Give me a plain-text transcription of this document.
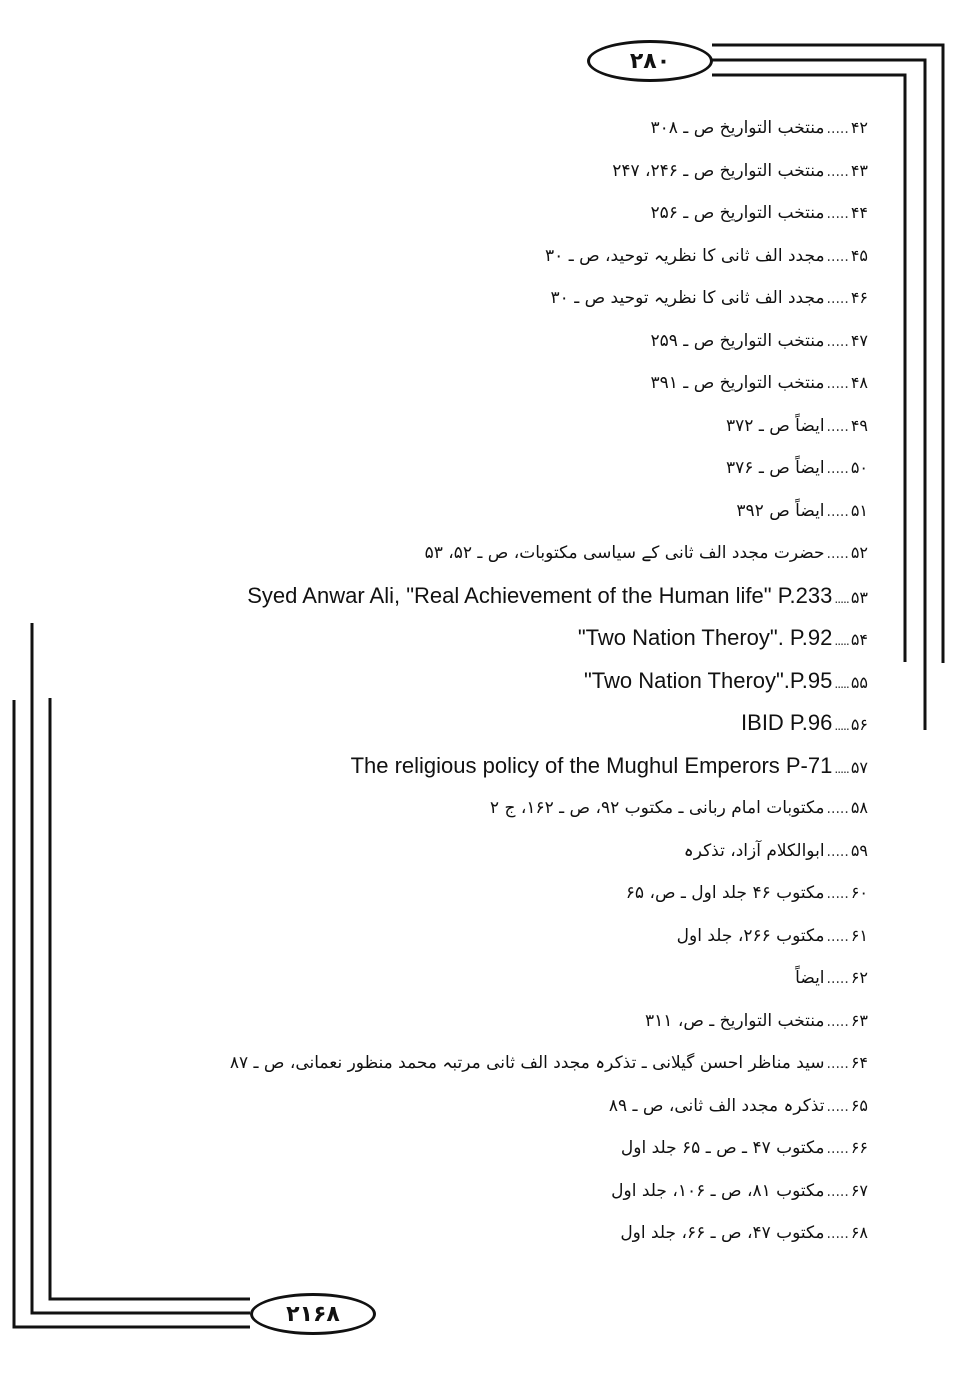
۲۸۰
۲۱۶۸
۴۲.....منتخب التواریخ ص ـ ۳۰۸
۴۳.....منتخب التواریخ ص ـ ۲۴۶، ۲۴۷
۴۴.....منتخب التواریخ ص ـ ۲۵۶
۴۵.....مجدد الف ثانی کا نظریہ توحید، ص ـ ۳۰
۴۶.....مجدد الف ثانی کا نظریہ توحید ص ـ ۳۰
۴۷.....منتخب التواریخ ص ـ ۲۵۹
۴۸.....منتخب التواریخ ص ـ ۳۹۱
۴۹.....ایضاً ص ـ ۳۷۲
۵۰.....ایضاً ص ـ ۳۷۶
۵۱.....ایضاً ص ۳۹۲
۵۲.....حضرت مجدد الف ثانی کے سیاسی مکتوبات، ص ـ ۵۲، ۵۳
Syed Anwar Ali, "Real Achievement of the Human life" P.233 ..... ۵۳
"Two Nation Theroy". P.92 ..... ۵۴
"Two Nation Theroy".P.95 ..... ۵۵
IBID P.96 ..... ۵۶
The religious policy of the Mughul Emperors P-71 ..... ۵۷
۵۸.....مکتوبات امام ربانی ـ مکتوب ۹۲، ص ـ ۱۶۲، ج ۲
۵۹.....ابوالکلام آزاد، تذکرہ
۶۰.....مکتوب ۴۶ جلد اول ـ ص، ۶۵
۶۱.....مکتوب ۲۶۶، جلد اول
۶۲.....ایضاً
۶۳.....منتخب التواریخ ـ ص، ۳۱۱
۶۴.....سید مناظر احسن گیلانی ـ تذکرہ مجدد الف ثانی مرتبہ محمد منظور نعمانی، ص ـ ۸۷
۶۵.....تذکرہ مجدد الف ثانی، ص ـ ۸۹
۶۶.....مکتوب ۴۷ ـ ص ـ ۶۵ جلد اول
۶۷.....مکتوب ۸۱، ص ـ ۱۰۶، جلد اول
۶۸.....مکتوب ۴۷، ص ـ ۶۶، جلد اول
